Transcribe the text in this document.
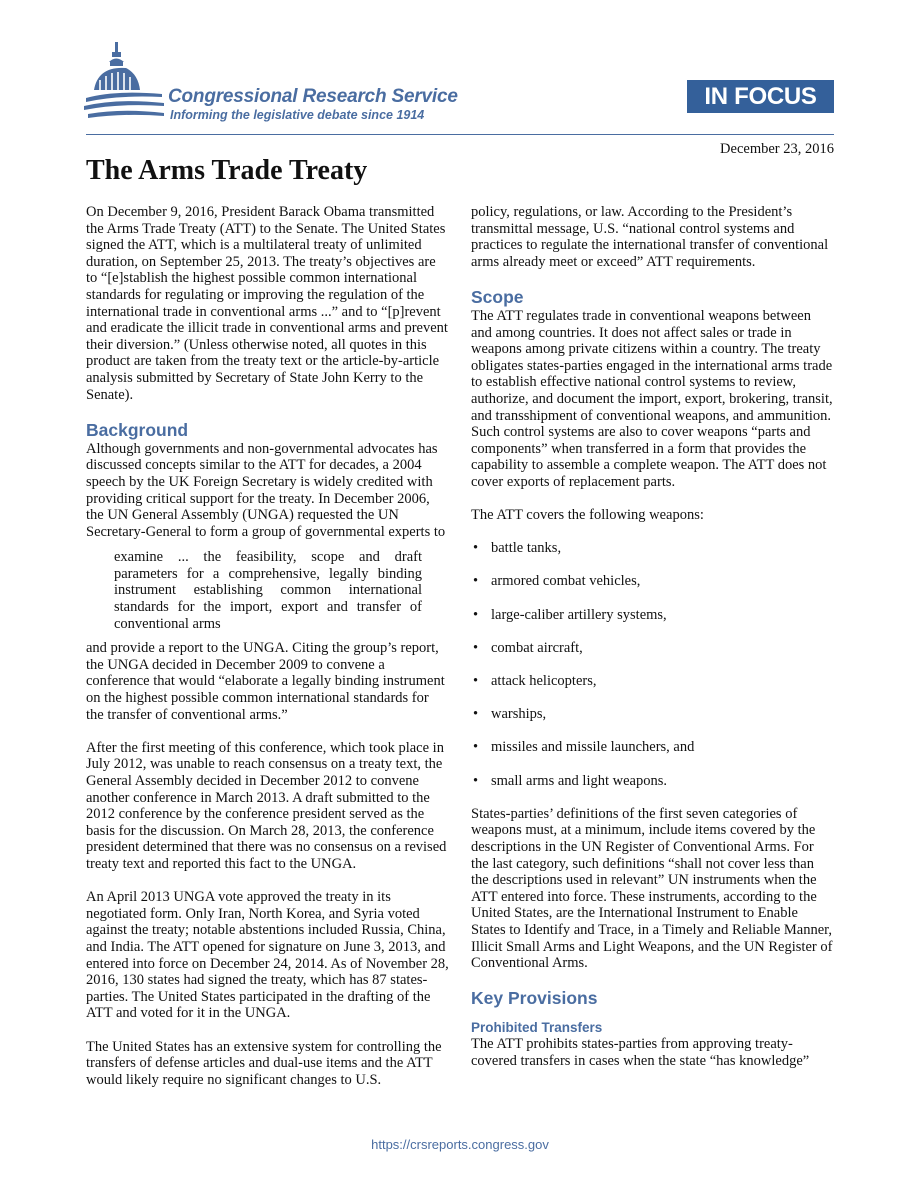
Congressional Research Service
Informing the legislative debate since 1914
IN FOCUS
December 23, 2016
The Arms Trade Treaty

On December 9, 2016, President Barack Obama transmitted the Arms Trade Treaty (ATT) to the Senate. The United States signed the ATT, which is a multilateral treaty of unlimited duration, on September 25, 2013. The treaty’s objectives are to “[e]stablish the highest possible common international standards for regulating or improving the regulation of the international trade in conventional arms ...” and to “[p]revent and eradicate the illicit trade in conventional arms and prevent their diversion.” (Unless otherwise noted, all quotes in this product are taken from the treaty text or the article-by-article analysis submitted by Secretary of State John Kerry to the Senate).

Background

Although governments and non-governmental advocates has discussed concepts similar to the ATT for decades, a 2004 speech by the UK Foreign Secretary is widely credited with providing critical support for the treaty. In December 2006, the UN General Assembly (UNGA) requested the UN Secretary-General to form a group of governmental experts to

examine ... the feasibility, scope and draft parameters for a comprehensive, legally binding instrument establishing common international standards for the import, export and transfer of conventional arms

and provide a report to the UNGA. Citing the group’s report, the UNGA decided in December 2009 to convene a conference that would “elaborate a legally binding instrument on the highest possible common international standards for the transfer of conventional arms.”

After the first meeting of this conference, which took place in July 2012, was unable to reach consensus on a treaty text, the General Assembly decided in December 2012 to convene another conference in March 2013. A draft submitted to the 2012 conference by the conference president served as the basis for the discussion. On March 28, 2013, the conference president determined that there was no consensus on a revised treaty text and reported this fact to the UNGA.

An April 2013 UNGA vote approved the treaty in its negotiated form. Only Iran, North Korea, and Syria voted against the treaty; notable abstentions included Russia, China, and India. The ATT opened for signature on June 3, 2013, and entered into force on December 24, 2014. As of November 28, 2016, 130 states had signed the treaty, which has 87 states-parties. The United States participated in the drafting of the ATT and voted for it in the UNGA.

The United States has an extensive system for controlling the transfers of defense articles and dual-use items and the ATT would likely require no significant changes to U.S.

policy, regulations, or law. According to the President’s transmittal message, U.S. “national control systems and practices to regulate the international transfer of conventional arms already meet or exceed” ATT requirements.

Scope

The ATT regulates trade in conventional weapons between and among countries. It does not affect sales or trade in weapons among private citizens within a country. The treaty obligates states-parties engaged in the international arms trade to establish effective national control systems to review, authorize, and document the import, export, brokering, transit, and transshipment of conventional weapons, and ammunition. Such control systems are also to cover weapons “parts and components” when transferred in a form that provides the capability to assemble a complete weapon. The ATT does not cover exports of replacement parts.

The ATT covers the following weapons:

• battle tanks,
• armored combat vehicles,
• large-caliber artillery systems,
• combat aircraft,
• attack helicopters,
• warships,
• missiles and missile launchers, and
• small arms and light weapons.

States-parties’ definitions of the first seven categories of weapons must, at a minimum, include items covered by the descriptions in the UN Register of Conventional Arms. For the last category, such definitions “shall not cover less than the descriptions used in relevant” UN instruments when the ATT entered into force. These instruments, according to the United States, are the International Instrument to Enable States to Identify and Trace, in a Timely and Reliable Manner, Illicit Small Arms and Light Weapons, and the UN Register of Conventional Arms.

Key Provisions
Prohibited Transfers

The ATT prohibits states-parties from approving treaty-covered transfers in cases when the state “has knowledge”

https://crsreports.congress.gov
